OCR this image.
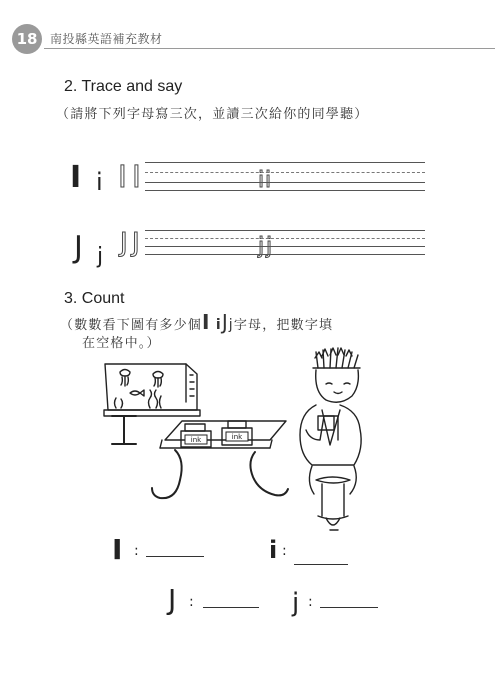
18	南投縣英語補充教材
2. Trace and say
（請將下列字母寫三次，並讀三次給你的同學聽）
I i I I	i i
J j J J	j j
3. Count
（數數看下圖有多少個I iJj字母，把數字填
在空格中。）
ink	ink
I :	i :
J :	j :
